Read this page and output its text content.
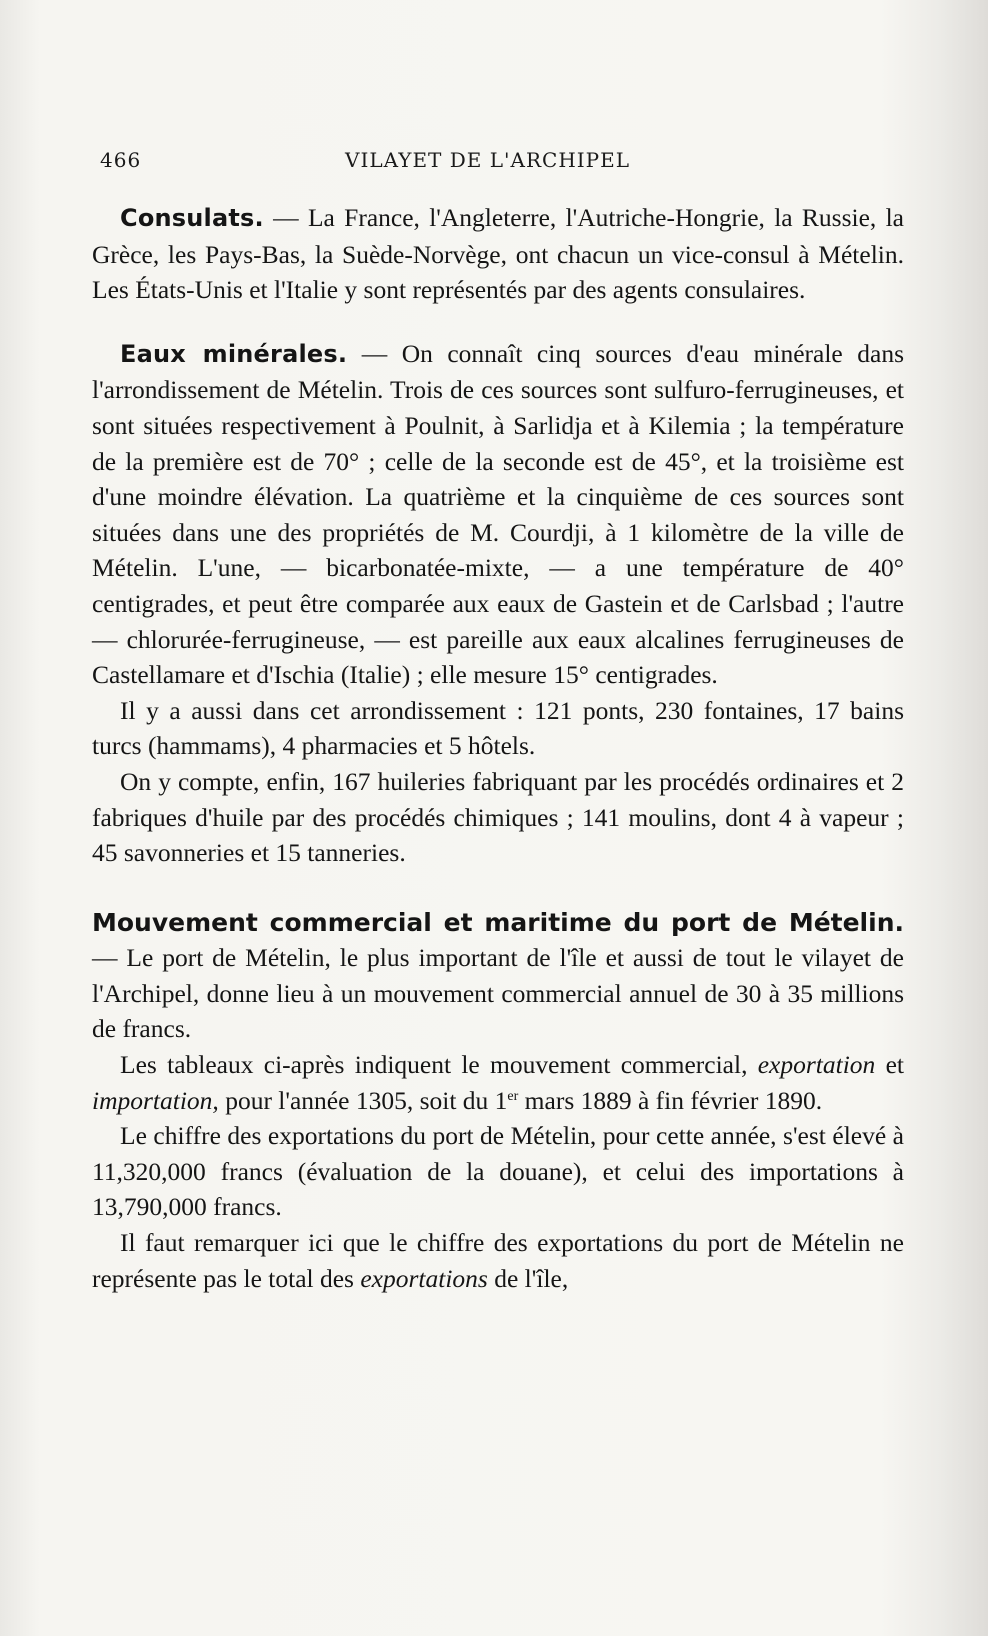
466	VILAYET DE L'ARCHIPEL

Consulats. — La France, l'Angleterre, l'Autriche-Hongrie, la Russie, la Grèce, les Pays-Bas, la Suède-Norvège, ont chacun un vice-consul à Mételin. Les États-Unis et l'Italie y sont représentés par des agents consulaires.

Eaux minérales. — On connaît cinq sources d'eau minérale dans l'arrondissement de Mételin. Trois de ces sources sont sulfuro-ferrugineuses, et sont situées respectivement à Poulnit, à Sarlidja et à Kilemia ; la température de la première est de 70° ; celle de la seconde est de 45°, et la troisième est d'une moindre élévation. La quatrième et la cinquième de ces sources sont situées dans une des propriétés de M. Courdji, à 1 kilomètre de la ville de Mételin. L'une, — bicarbonatée-mixte, — a une température de 40° centigrades, et peut être comparée aux eaux de Gastein et de Carlsbad ; l'autre — chlorurée-ferrugineuse, — est pareille aux eaux alcalines ferrugineuses de Castellamare et d'Ischia (Italie) ; elle mesure 15° centigrades.

Il y a aussi dans cet arrondissement : 121 ponts, 230 fontaines, 17 bains turcs (hammams), 4 pharmacies et 5 hôtels.

On y compte, enfin, 167 huileries fabriquant par les procédés ordinaires et 2 fabriques d'huile par des procédés chimiques ; 141 moulins, dont 4 à vapeur ; 45 savonneries et 15 tanneries.

Mouvement commercial et maritime du port de Mételin. — Le port de Mételin, le plus important de l'île et aussi de tout le vilayet de l'Archipel, donne lieu à un mouvement commercial annuel de 30 à 35 millions de francs.

Les tableaux ci-après indiquent le mouvement commercial, exportation et importation, pour l'année 1305, soit du 1er mars 1889 à fin février 1890.

Le chiffre des exportations du port de Mételin, pour cette année, s'est élevé à 11,320,000 francs (évaluation de la douane), et celui des importations à 13,790,000 francs.

Il faut remarquer ici que le chiffre des exportations du port de Mételin ne représente pas le total des exportations de l'île,
